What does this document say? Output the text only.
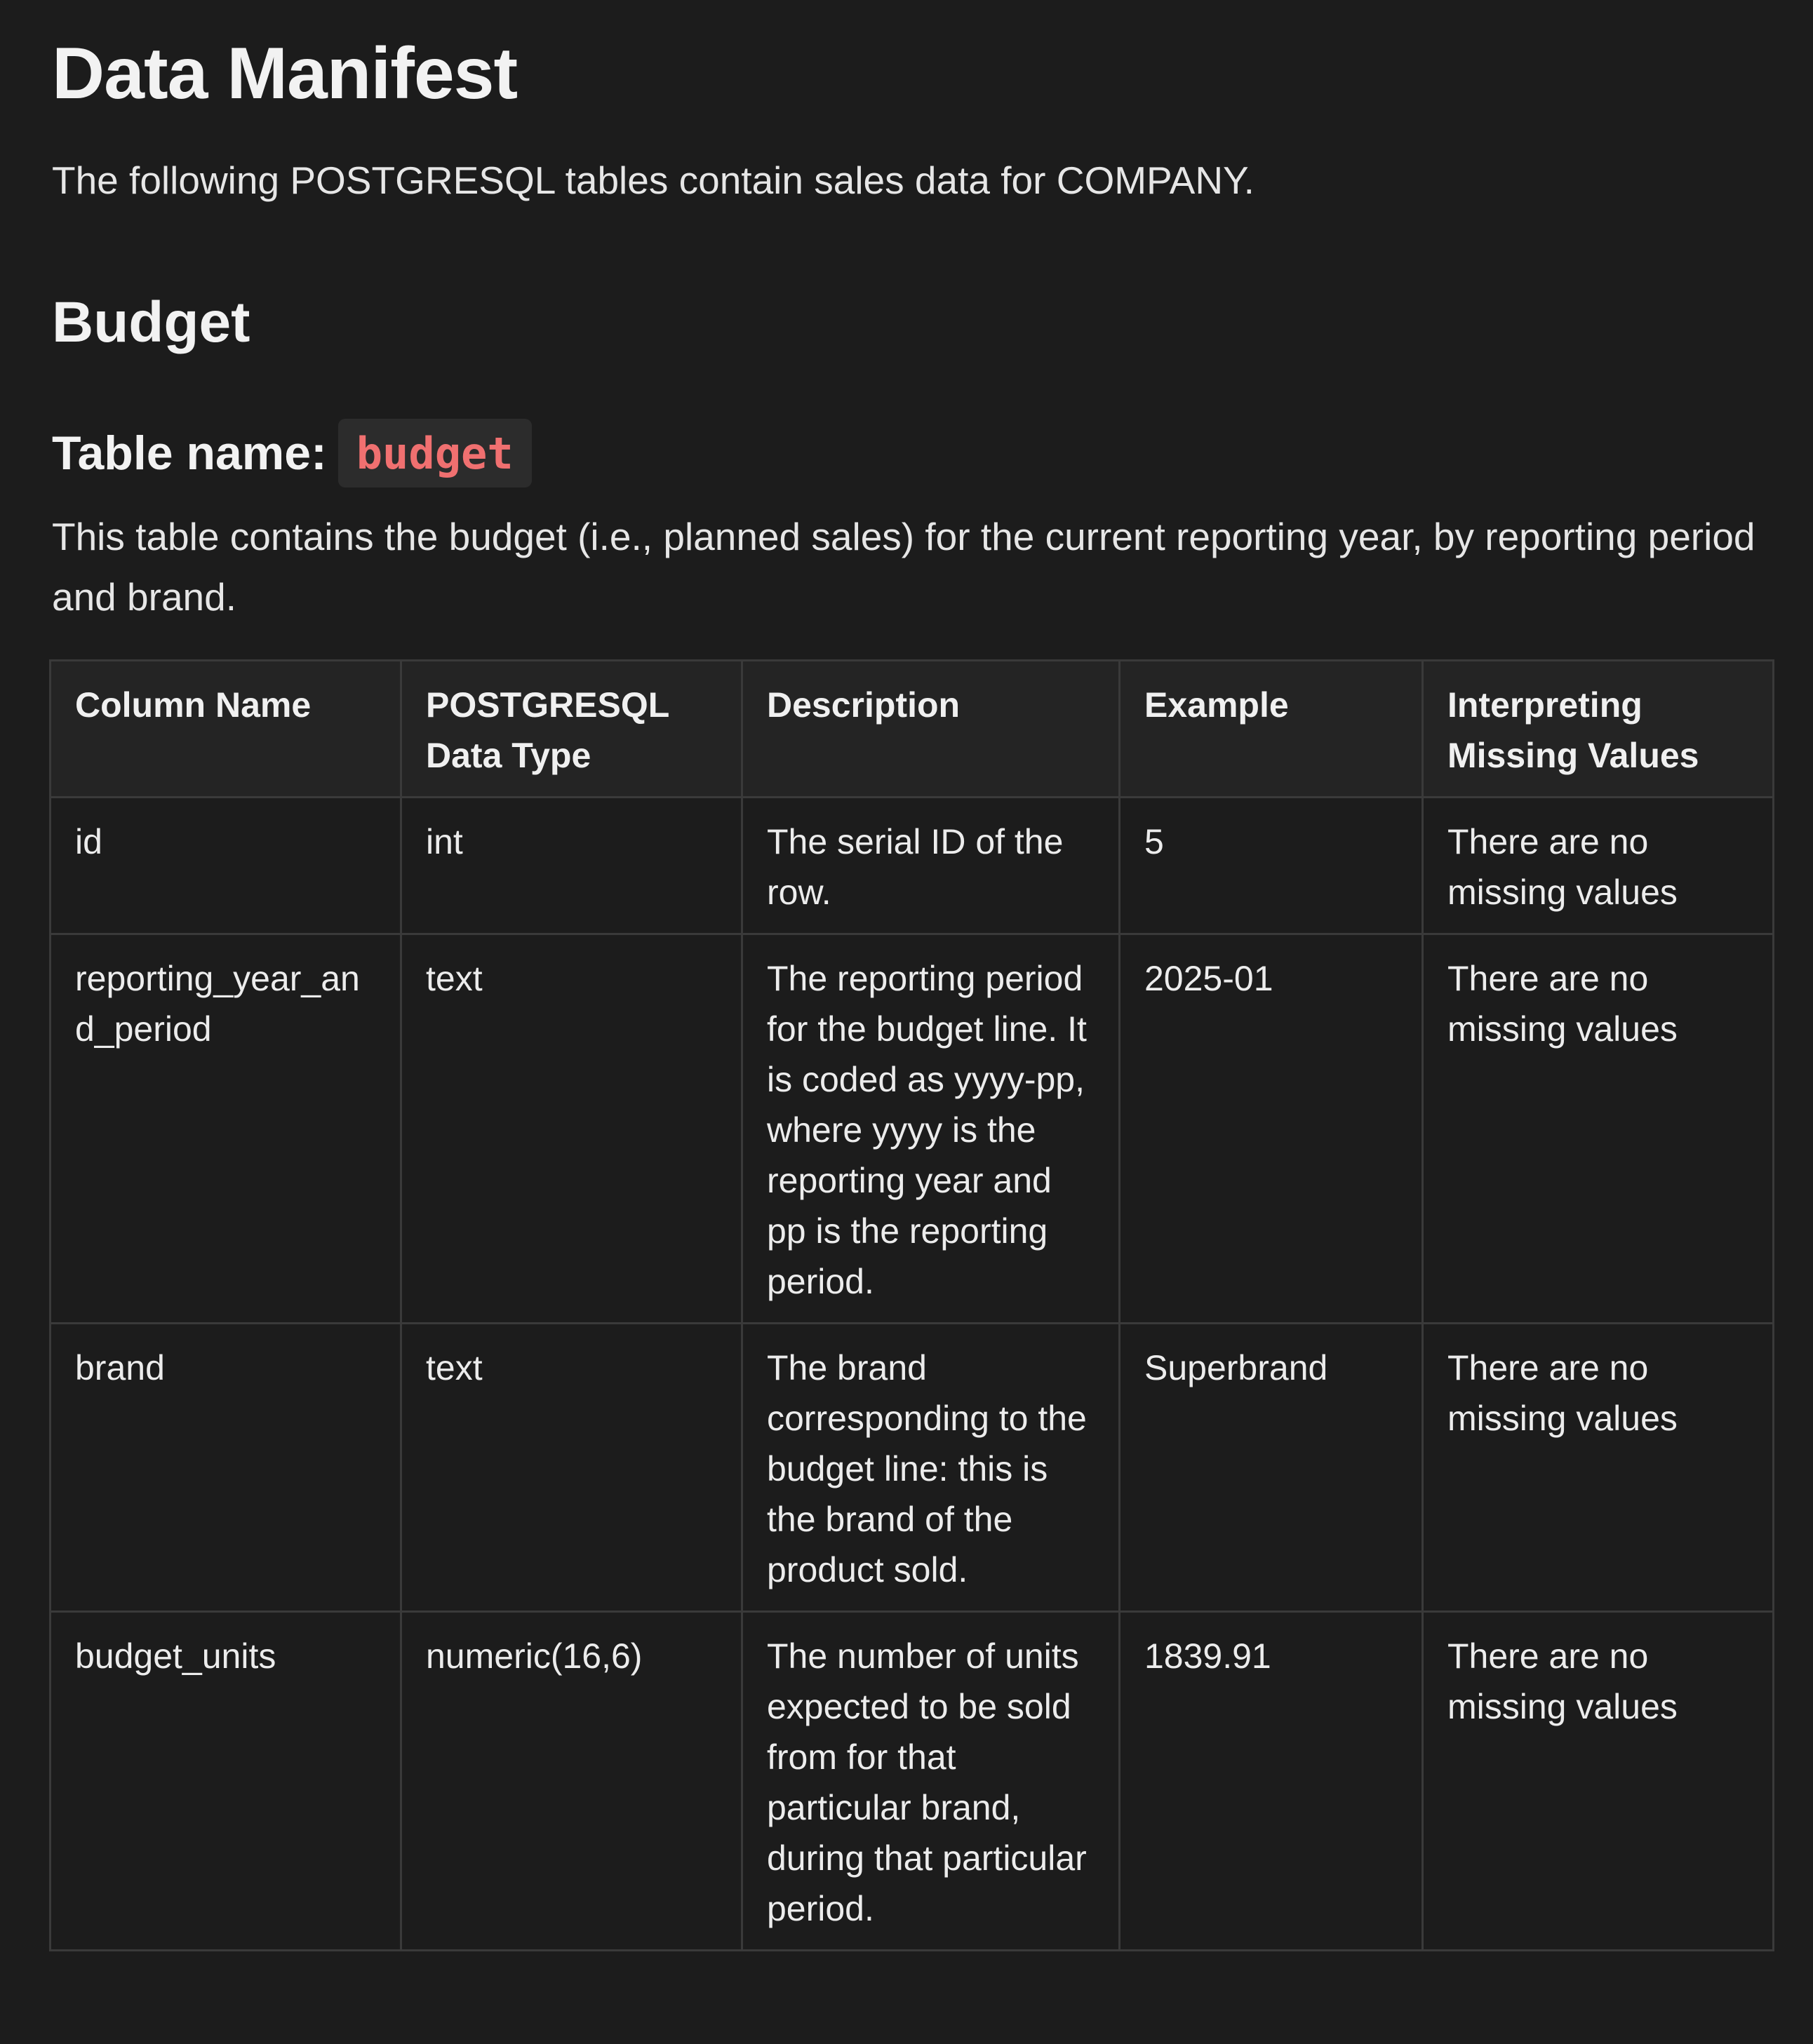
Data Manifest

The following POSTGRESQL tables contain sales data for COMPANY.

Budget
Table name: budget

This table contains the budget (i.e., planned sales) for the current reporting year, by reporting period and brand.

Column Name	POSTGRESQL Data Type	Description	Example	Interpreting Missing Values
id	int	The serial ID of the row.	5	There are no missing values
reporting_year_and_period	text	The reporting period for the budget line. It is coded as yyyy-pp, where yyyy is the reporting year and pp is the reporting period.	2025-01	There are no missing values
brand	text	The brand corresponding to the budget line: this is the brand of the product sold.	Superbrand	There are no missing values
budget_units	numeric(16,6)	The number of units expected to be sold from for that particular brand, during that particular period.	1839.91	There are no missing values
